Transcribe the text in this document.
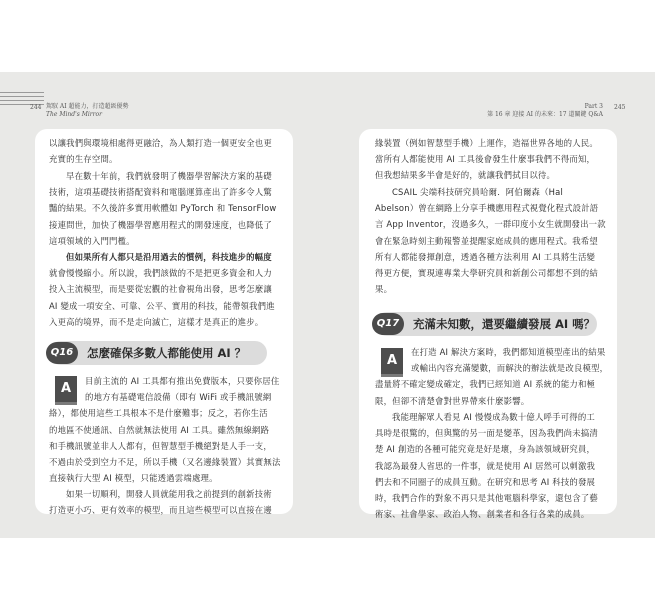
244 駕馭 AI 超能力，打造超級優勢
The Mind's Mirror
Part 3
第 16 章 迎接 AI 的未來：17 道關鍵 Q&A
245
以讓我們與環境相處得更融洽，為人類打造一個更安全也更
充實的生存空間。
早在數十年前，我們就發明了機器學習解決方案的基礎
技術，這項基礎技術搭配資料和電腦運算產出了許多令人驚
豔的結果。不久後許多實用軟體如 PyTorch 和 TensorFlow
接連問世，加快了機器學習應用程式的開發速度，也降低了
這項領域的入門門檻。
但如果所有人都只是沿用過去的慣例，科技進步的幅度
就會慢慢縮小。所以說，我們該做的不是把更多資金和人力
投入主流模型，而是要從宏觀的社會視角出發，思考怎麼讓
AI 變成一項安全、可靠、公平、實用的科技，能帶領我們進
入更高的境界，而不是走向滅亡，這樣才是真正的進步。
Q16	怎麼確保多數人都能使用 AI ？
A	目前主流的 AI 工具都有推出免費版本，只要你居住
的地方有基礎電信設備（即有 WiFi 或手機訊號網
絡），都使用這些工具根本不是什麼難事；反之，若你生活
的地區不使通訊、自然就無法使用 AI 工具。雖然無線網路
和手機訊號並非人人都有，但智慧型手機絕對是人手一支，
不過由於受到空力不足，所以手機（又名邊緣裝置）其實無法
直接執行大型 AI 模型，只能透過雲端處理。
如果一切順利，開發人員就能用我之前提到的創新技術
打造更小巧、更有效率的模型，而且這些模型可以直接在邊
緣裝置（例如智慧型手機）上運作，造福世界各地的人民。
當所有人都能使用 AI 工具後會發生什麼事我們不得而知，
但我想結果多半會是好的，就讓我們拭目以待。
CSAIL 尖端科技研究員哈爾．阿伯爾森（Hal
Abelson）曾在網路上分享手機應用程式視覺化程式設計語
言 App Inventor，沒過多久，一群印度小女生就開發出一款
會在緊急時刻主動報警並提醒家庭成員的應用程式。我希望
所有人都能發揮創意，透過各種方法利用 AI 工具將生活變
得更方便，實現連專業大學研究員和新創公司都想不到的結
果。
Q17	充滿未知數，還要繼續發展 AI 嗎？
A
在打造 AI 解決方案時，我們都知道模型產出的結果
或輸出內容充滿變數，而解決的辦法就是改良模型，
盡量將不確定變成確定，我們已經知道 AI 系統的能力和極
限，但卻不清楚會對世界帶來什麼影響。
我能理解眾人看見 AI 慢慢成為數十億人呼手可得的工
具時是很驚的，但與驚的另一面是變革，因為我們尚未搞清
楚 AI 創造的各種可能究竟是好是壞，身為該領域研究員，
我認為最發人省思的一件事，就是使用 AI 居然可以刺激我
們去和不同圈子的成員互動。在研究和思考 AI 科技的發展
時，我們合作的對象不再只是其他電腦科學家，還包含了藝
術家、社會學家、政治人物、創業者和各行各業的成員。
